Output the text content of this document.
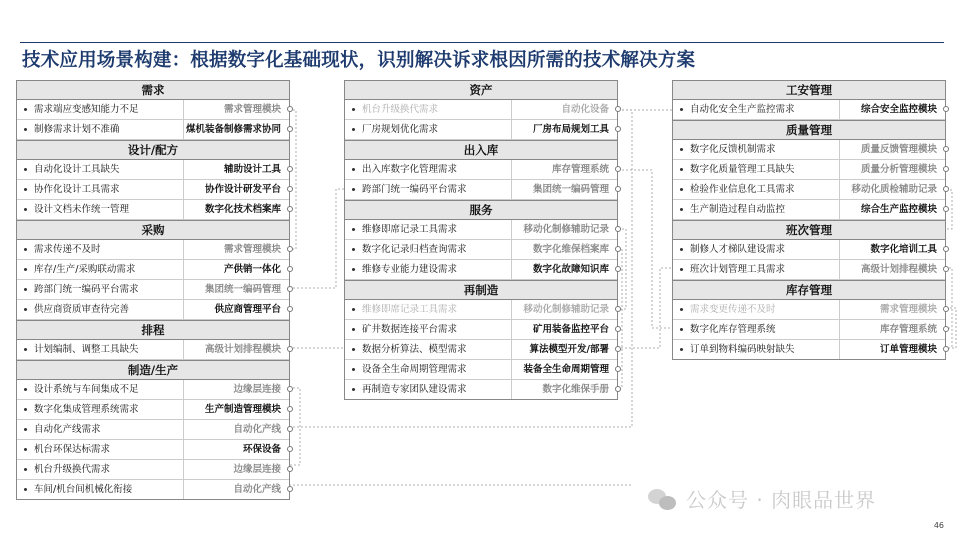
技术应用场景构建：根据数字化基础现状，识别解决诉求根因所需的技术解决方案
需求
需求端应变感知能力不足	需求管理模块
制修需求计划不准确	煤机装备制修需求协同
设计/配方
自动化设计工具缺失	辅助设计工具
协作化设计工具需求	协作设计研发平台
设计文档未作统一管理	数字化技术档案库
采购
需求传递不及时	需求管理模块
库存/生产/采购联动需求	产供销一体化
跨部门统一编码平台需求	集团统一编码管理
供应商资质审查待完善	供应商管理平台
排程
计划编制、调整工具缺失	高级计划排程模块
制造/生产
设计系统与车间集成不足	边缘层连接
数字化集成管理系统需求	生产制造管理模块
自动化产线需求	自动化产线
机台环保达标需求	环保设备
机台升级换代需求	边缘层连接
车间/机台间机械化衔接	自动化产线
资产
机台升级换代需求	自动化设备
厂房规划优化需求	厂房布局规划工具
出入库
出入库数字化管理需求	库存管理系统
跨部门统一编码平台需求	集团统一编码管理
服务
维修即席记录工具需求	移动化制修辅助记录
数字化记录归档查询需求	数字化维保档案库
维修专业能力建设需求	数字化故障知识库
再制造
维修即席记录工具需求	移动化制修辅助记录
矿井数据连接平台需求	矿用装备监控平台
数据分析算法、模型需求	算法模型开发/部署
设备全生命周期管理需求	装备全生命周期管理
再制造专家团队建设需求	数字化维保手册
工安管理
自动化安全生产监控需求	综合安全监控模块
质量管理
数字化反馈机制需求	质量反馈管理模块
数字化质量管理工具缺失	质量分析管理模块
检验作业信息化工具需求	移动化质检辅助记录
生产制造过程自动监控	综合生产监控模块
班次管理
制修人才梯队建设需求	数字化培训工具
班次计划管理工具需求	高级计划排程模块
库存管理
需求变更传递不及时	需求管理模块
数字化库存管理系统	库存管理系统
订单到物料编码映射缺失	订单管理模块
公众号 · 肉眼品世界
46
